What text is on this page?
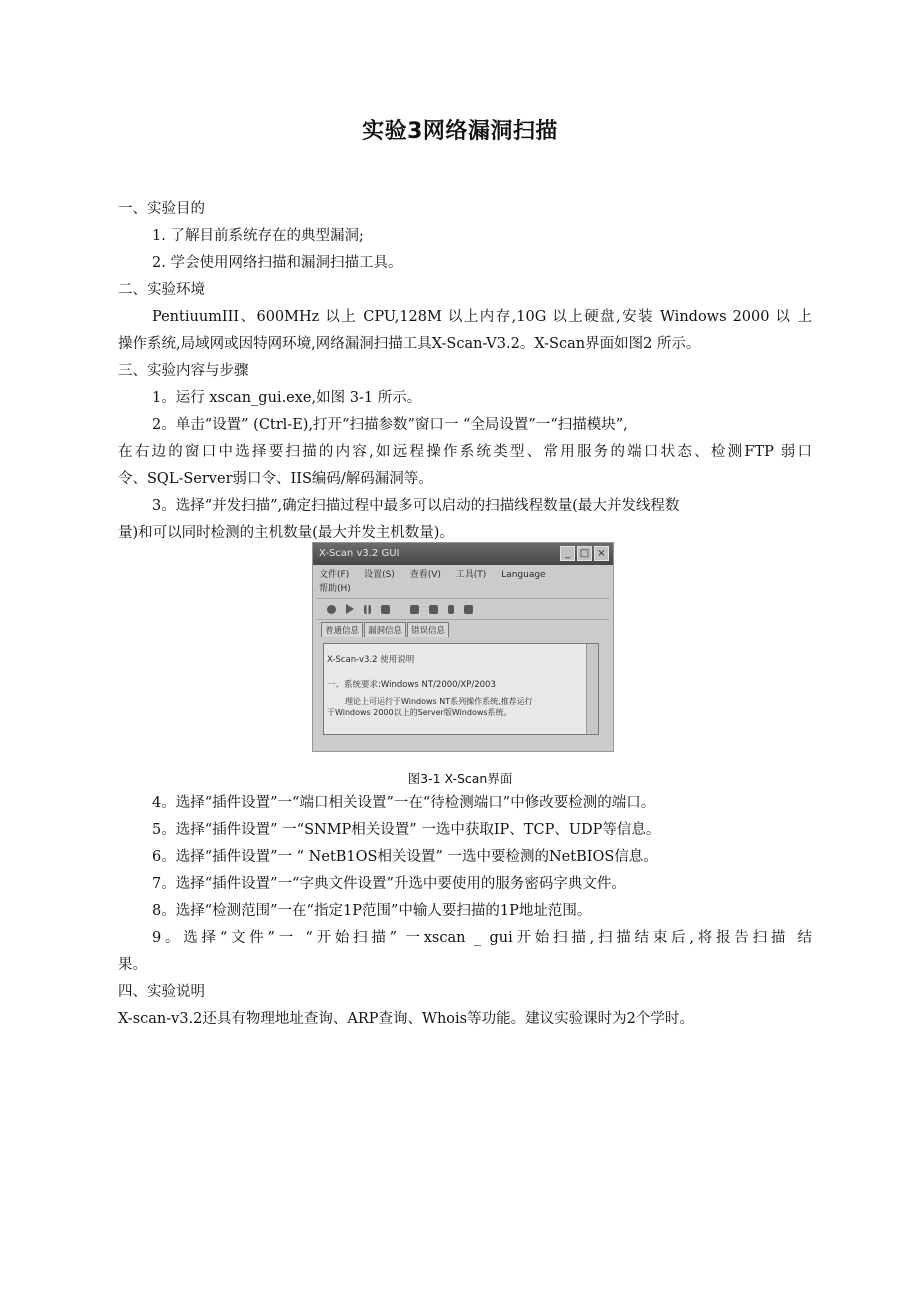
实验3网络漏洞扫描
一、实验目的
1. 了解目前系统存在的典型漏洞;
2. 学会使用网络扫描和漏洞扫描工具。
二、实验环境
PentiuumIII、600MHz 以上 CPU,128M 以上内存,10G 以上硬盘,安装 Windows 2000 以 上
操作系统,局域网或因特网环境,网络漏洞扫描工具X-Scan-V3.2。X-Scan界面如图2 所示。
三、实验内容与步骤
1。运行 xscan_gui.exe,如图 3-1 所示。
2。单击“设置” (Ctrl-E),打开“扫描参数”窗口一 “全局设置”一“扫描模块”,
在右边的窗口中选择要扫描的内容,如远程操作系统类型、常用服务的端口状态、检测FTP 弱口
令、SQL-Server弱口令、IIS编码/解码漏洞等。
3。选择“并发扫描”,确定扫描过程中最多可以启动的扫描线程数量(最大并发线程数
量)和可以同时检测的主机数量(最大并发主机数量)。
X-Scan v3.2 GUI	_ □ ×
文件(F) 设置(S) 查看(V) 工具(T) Language
帮助(H)
普通信息	漏洞信息	错误信息
X-Scan-v3.2 使用说明
一、系统要求:Windows NT/2000/XP/2003
理论上可运行于Windows NT系列操作系统,推荐运行
于Windows 2000以上的Server版Windows系统。
图3-1 X-Scan界面
4。选择“插件设置”一“端口相关设置”一在“待检测端口”中修改要检测的端口。
5。选择“插件设置” 一“SNMP相关设置” 一选中获取IP、TCP、UDP等信息。
6。选择“插件设置”一 “ NetB1OS相关设置” 一选中要检测的NetBIOS信息。
7。选择“插件设置”一“字典文件设置”升选中要使用的服务密码字典文件。
8。选择“检测范围”一在“指定1P范围”中输人要扫描的1P地址范围。
9。选择“文件”一 “开始扫描” 一xscan _ gui开始扫描,扫描结束后,将报告扫描 结
果。
四、实验说明
X-scan-v3.2还具有物理地址查询、ARP查询、Whois等功能。建议实验课时为2个学时。
